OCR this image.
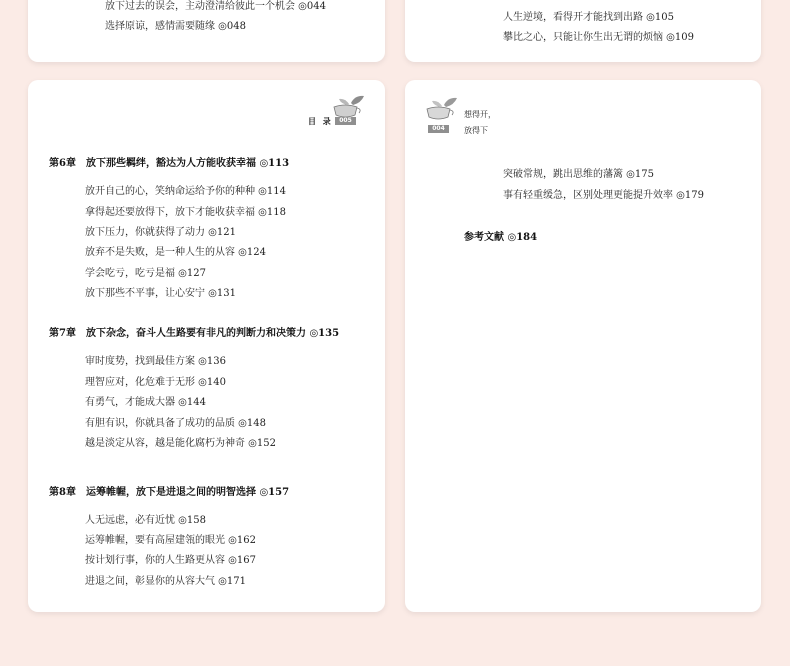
放下过去的误会，主动澄清给彼此一个机会 ◎044
选择原谅，感情需要随缘 ◎048
人生逆境，看得开才能找到出路 ◎105
攀比之心，只能让你生出无谓的烦恼 ◎109
目 录	005
第6章　放下那些羁绊，豁达为人方能收获幸福 ◎113
放开自己的心，笑纳命运给予你的种种 ◎114
拿得起还要放得下，放下才能收获幸福 ◎118
放下压力，你就获得了动力 ◎121
放弃不是失败，是一种人生的从容 ◎124
学会吃亏，吃亏是福 ◎127
放下那些不平事，让心安宁 ◎131
第7章　放下杂念，奋斗人生路要有非凡的判断力和决策力 ◎135
审时度势，找到最佳方案 ◎136
理智应对，化危难于无形 ◎140
有勇气，才能成大器 ◎144
有胆有识，你就具备了成功的品质 ◎148
越是淡定从容，越是能化腐朽为神奇 ◎152
第8章　运筹帷幄，放下是进退之间的明智选择 ◎157
人无远虑，必有近忧 ◎158
运筹帷幄，要有高屋建瓴的眼光 ◎162
按计划行事，你的人生路更从容 ◎167
进退之间，彰显你的从容大气 ◎171
004
想得开，
放得下
突破常规，跳出思维的藩篱 ◎175
事有轻重缓急，区别处理更能提升效率 ◎179
参考文献 ◎184
